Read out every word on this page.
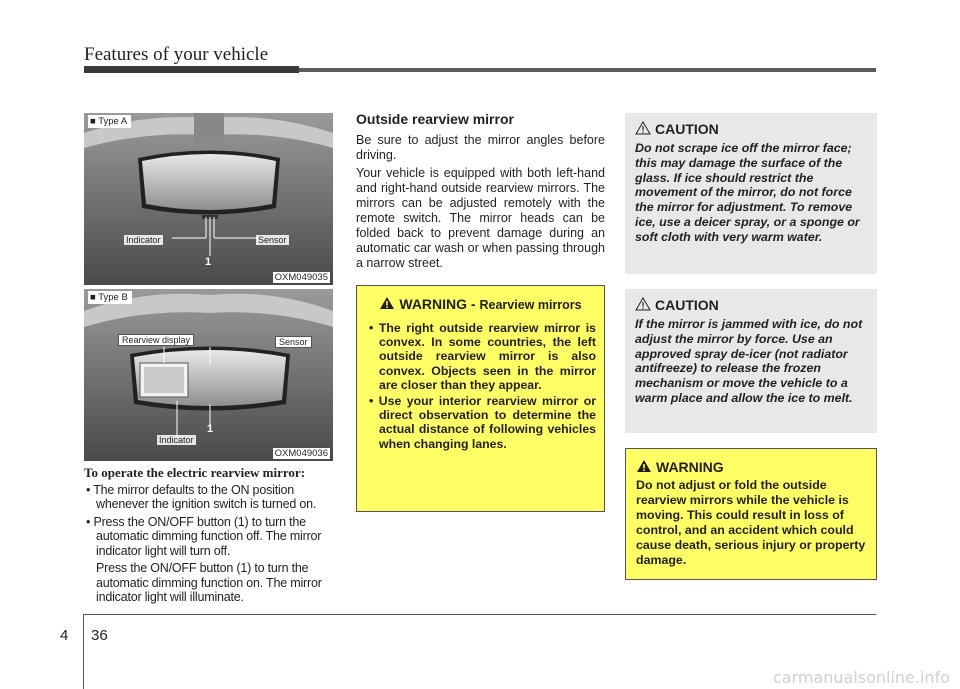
Features of your vehicle
■ Type A
Indicator	Sensor
1
OXM049035
■ Type B
Rearview display	Sensor
Indicator
1
OXM049036
To operate the electric rearview mirror:
• The mirror defaults to the ON position whenever the ignition switch is turned on.
• Press the ON/OFF button (1) to turn the automatic dimming function off. The mirror indicator light will turn off.
Press the ON/OFF button (1) to turn the automatic dimming function on. The mirror indicator light will illuminate.
Outside rearview mirror

Be sure to adjust the mirror angles before driving.

Your vehicle is equipped with both left-hand and right-hand outside rearview mirrors. The mirrors can be adjusted remotely with the remote switch. The mirror heads can be folded back to prevent damage during an automatic car wash or when passing through a narrow street.

WARNING - Rearview mirrors
• The right outside rearview mirror is convex. In some countries, the left outside rearview mirror is also convex. Objects seen in the mirror are closer than they appear.
• Use your interior rearview mirror or direct observation to determine the actual distance of following vehicles when changing lanes.
CAUTION
Do not scrape ice off the mirror face; this may damage the surface of the glass. If ice should restrict the movement of the mirror, do not force the mirror for adjustment. To remove ice, use a deicer spray, or a sponge or soft cloth with very warm water.
CAUTION
If the mirror is jammed with ice, do not adjust the mirror by force. Use an approved spray de-icer (not radiator antifreeze) to release the frozen mechanism or move the vehicle to a warm place and allow the ice to melt.
WARNING
Do not adjust or fold the outside rearview mirrors while the vehicle is moving. This could result in loss of control, and an accident which could cause death, serious injury or property damage.
4 36
carmanualsonline.info
